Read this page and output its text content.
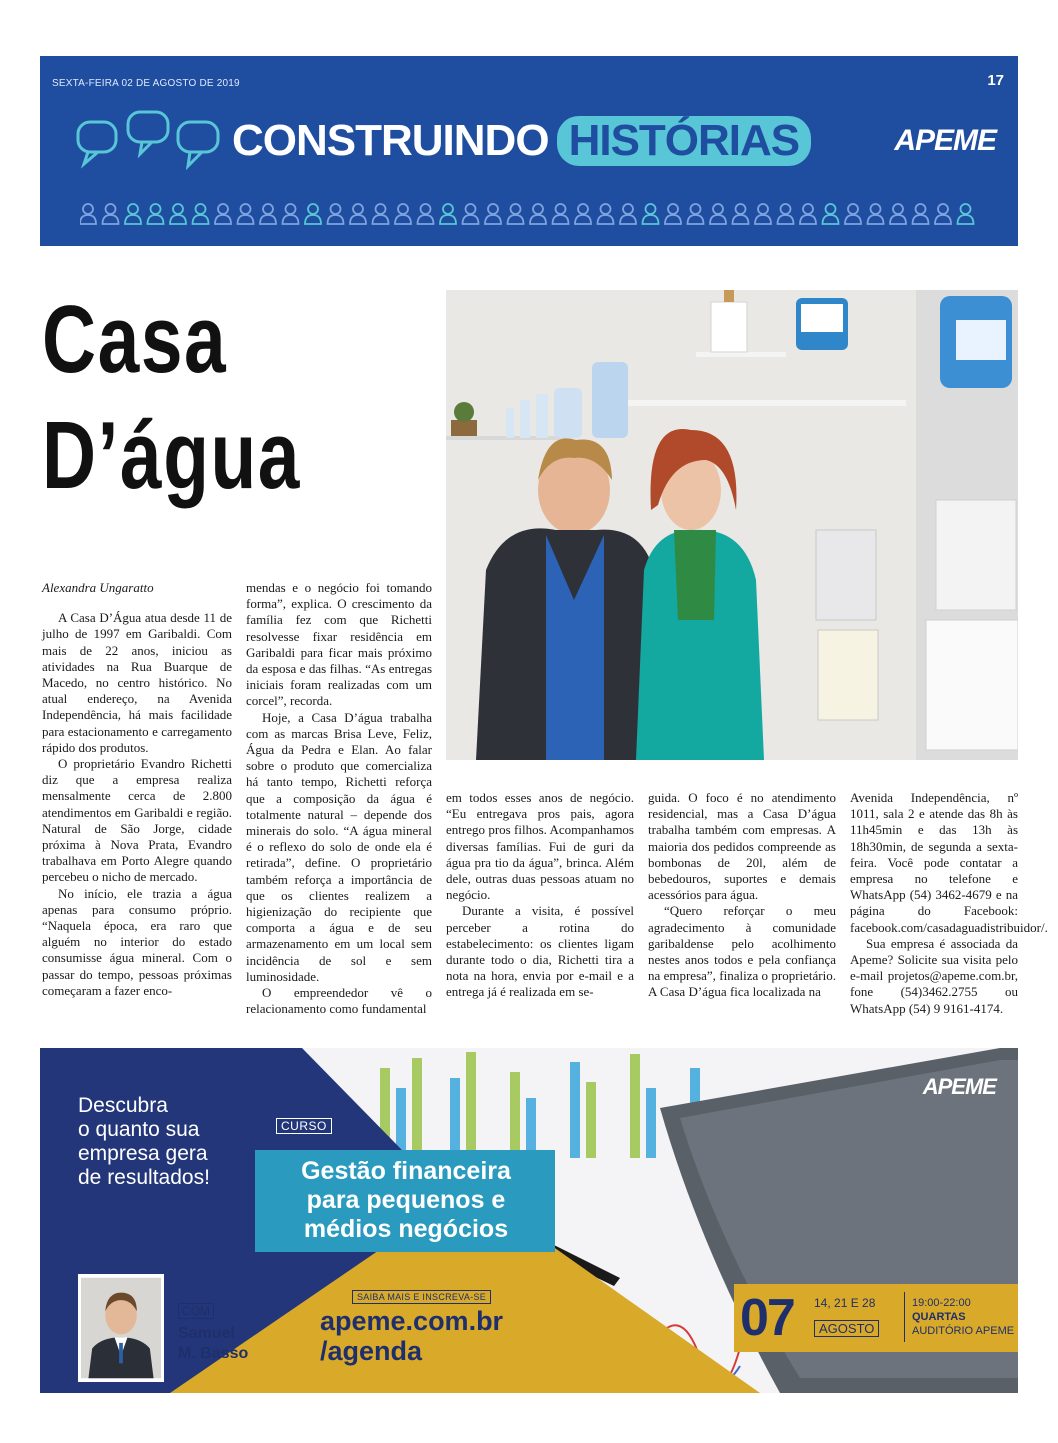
SEXTA-FEIRA 02 DE AGOSTO DE 2019	17
CONSTRUINDO HISTÓRIAS	APEME
Casa
D’água

Alexandra Ungaratto

A Casa D’Água atua desde 11 de julho de 1997 em Garibaldi. Com mais de 22 anos, iniciou as atividades na Rua Buarque de Macedo, no centro histórico. No atual endereço, na Avenida Independência, há mais facilidade para estacionamento e carregamento rápido dos produtos.

O proprietário Evandro Richetti diz que a empresa realiza mensalmente cerca de 2.800 atendimentos em Garibaldi e região. Natural de São Jorge, cidade próxima à Nova Prata, Evandro trabalhava em Porto Alegre quando percebeu o nicho de mercado.

No início, ele trazia a água apenas para consumo próprio. “Naquela época, era raro que alguém no interior do estado consumisse água mineral. Com o passar do tempo, pessoas próximas começaram a fazer enco-

mendas e o negócio foi tomando forma”, explica. O crescimento da família fez com que Richetti resolvesse fixar residência em Garibaldi para ficar mais próximo da esposa e das filhas. “As entregas iniciais foram realizadas com um corcel”, recorda.

Hoje, a Casa D’água trabalha com as marcas Brisa Leve, Feliz, Água da Pedra e Elan. Ao falar sobre o produto que comercializa há tanto tempo, Richetti reforça que a composição da água é totalmente natural – depende dos minerais do solo. “A água mineral é o reflexo do solo de onde ela é retirada”, define. O proprietário também reforça a importância de que os clientes realizem a higienização do recipiente que comporta a água e de seu armazenamento em um local sem incidência de sol e sem luminosidade.

O empreendedor vê o relacionamento como fundamental

em todos esses anos de negócio. “Eu entregava pros pais, agora entrego pros filhos. Acompanhamos diversas famílias. Fui de guri da água pra tio da água”, brinca. Além dele, outras duas pessoas atuam no negócio.

Durante a visita, é possível perceber a rotina do estabelecimento: os clientes ligam durante todo o dia, Richetti tira a nota na hora, envia por e-mail e a entrega já é realizada em se-

guida. O foco é no atendimento residencial, mas a Casa D’água trabalha também com empresas. A maioria dos pedidos compreende as bombonas de 20l, além de bebedouros, suportes e demais acessórios para água.

“Quero reforçar o meu agradecimento à comunidade garibaldense pelo acolhimento nestes anos todos e pela confiança na empresa”, finaliza o proprietário. A Casa D’água fica localizada na

Avenida Independência, nº 1011, sala 2 e atende das 8h às 11h45min e das 13h às 18h30min, de segunda a sexta-feira. Você pode contatar a empresa no telefone e WhatsApp (54) 3462-4679 e na página do Facebook: facebook.com/casadaguadistribuidor/.

Sua empresa é associada da Apeme? Solicite sua visita pelo e-mail projetos@apeme.com.br, fone (54)3462.2755 ou WhatsApp (54) 9 9161-4174.

Descubra
o quanto sua
empresa gera
de resultados!
CURSO
Gestão financeira
para pequenos e
médios negócios
COM
Samuel
M. Basso
SAIBA MAIS E INSCREVA-SE
apeme.com.br
/agenda
07 14, 21 E 28
AGOSTO
19:00-22:00
QUARTAS
AUDITÓRIO APEME
APEME
